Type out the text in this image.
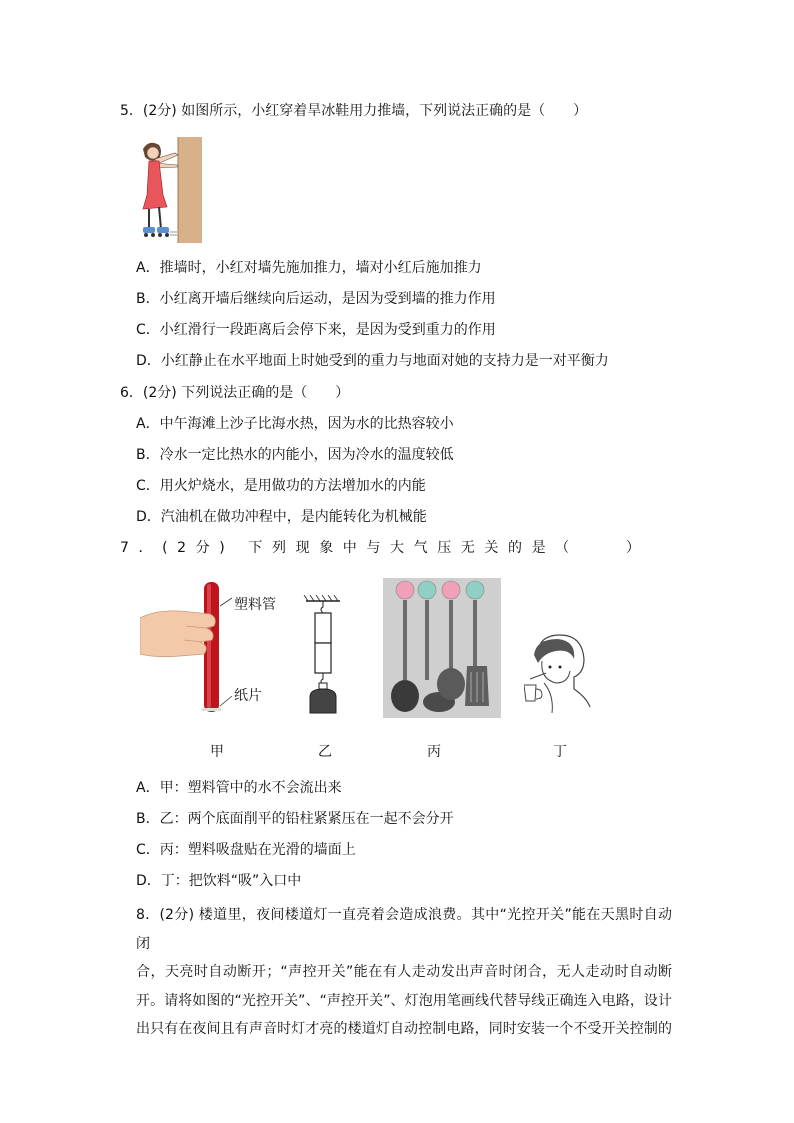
5．(2分) 如图所示，小红穿着旱冰鞋用力推墙，下列说法正确的是（　　）
A．推墙时，小红对墙先施加推力，墙对小红后施加推力
B．小红离开墙后继续向后运动，是因为受到墙的推力作用
C．小红滑行一段距离后会停下来，是因为受到重力的作用
D．小红静止在水平地面上时她受到的重力与地面对她的支持力是一对平衡力
6．(2分) 下列说法正确的是（　　）
A．中午海滩上沙子比海水热，因为水的比热容较小
B．冷水一定比热水的内能小，因为冷水的温度较低
C．用火炉烧水，是用做功的方法增加水的内能
D．汽油机在做功冲程中，是内能转化为机械能
7．(2分) 下列现象中与大气压无关的是（　　）
塑料管
纸片
甲	乙	丙	丁
A．甲：塑料管中的水不会流出来
B．乙：两个底面削平的铅柱紧紧压在一起不会分开
C．丙：塑料吸盘贴在光滑的墙面上
D．丁：把饮料“吸”入口中

8．(2分) 楼道里，夜间楼道灯一直亮着会造成浪费。其中“光控开关”能在天黑时自动闭

合，天亮时自动断开；“声控开关”能在有人走动发出声音时闭合，无人走动时自动断

开。请将如图的“光控开关”、“声控开关”、灯泡用笔画线代替导线正确连入电路，设计

出只有在夜间且有声音时灯才亮的楼道灯自动控制电路，同时安装一个不受开关控制的
